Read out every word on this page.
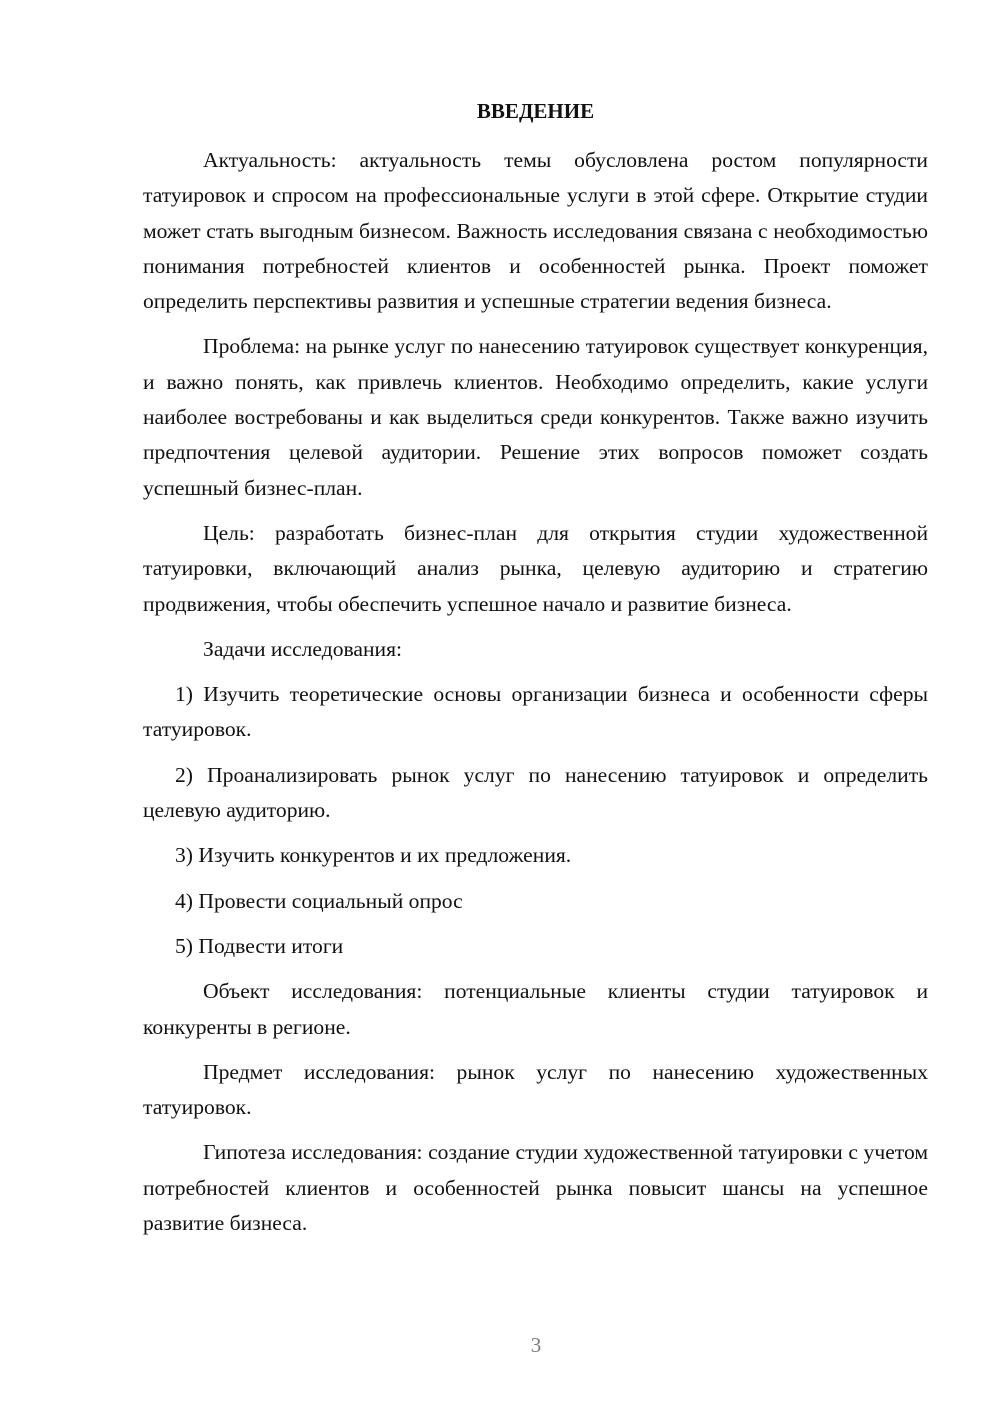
ВВЕДЕНИЕ

Актуальность: актуальность темы обусловлена ростом популярности татуировок и спросом на профессиональные услуги в этой сфере. Открытие студии может стать выгодным бизнесом. Важность исследования связана с необходимостью понимания потребностей клиентов и особенностей рынка. Проект поможет определить перспективы развития и успешные стратегии ведения бизнеса.

Проблема: на рынке услуг по нанесению татуировок существует конкуренция, и важно понять, как привлечь клиентов. Необходимо определить, какие услуги наиболее востребованы и как выделиться среди конкурентов. Также важно изучить предпочтения целевой аудитории. Решение этих вопросов поможет создать успешный бизнес-план.

Цель: разработать бизнес-план для открытия студии художественной татуировки, включающий анализ рынка, целевую аудиторию и стратегию продвижения, чтобы обеспечить успешное начало и развитие бизнеса.

Задачи исследования:

1) Изучить теоретические основы организации бизнеса и особенности сферы татуировок.

2) Проанализировать рынок услуг по нанесению татуировок и определить целевую аудиторию.

3) Изучить конкурентов и их предложения.

4) Провести социальный опрос

5) Подвести итоги

Объект исследования: потенциальные клиенты студии татуировок и конкуренты в регионе.

Предмет исследования: рынок услуг по нанесению художественных татуировок.

Гипотеза исследования: создание студии художественной татуировки с учетом потребностей клиентов и особенностей рынка повысит шансы на успешное развитие бизнеса.

3
